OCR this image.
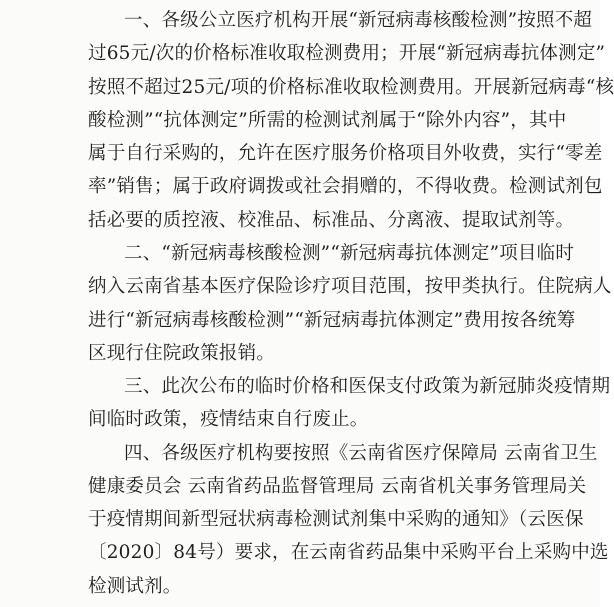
一、各级公立医疗机构开展“新冠病毒核酸检测”按照不超
过65元/次的价格标准收取检测费用；开展“新冠病毒抗体测定”
按照不超过25元/项的价格标准收取检测费用。开展新冠病毒“核
酸检测”“抗体测定”所需的检测试剂属于“除外内容”，其中
属于自行采购的，允许在医疗服务价格项目外收费，实行“零差
率”销售；属于政府调拨或社会捐赠的，不得收费。检测试剂包
括必要的质控液、校准品、标准品、分离液、提取试剂等。
二、“新冠病毒核酸检测”“新冠病毒抗体测定”项目临时
纳入云南省基本医疗保险诊疗项目范围，按甲类执行。住院病人
进行“新冠病毒核酸检测”“新冠病毒抗体测定”费用按各统筹
区现行住院政策报销。
三、此次公布的临时价格和医保支付政策为新冠肺炎疫情期
间临时政策，疫情结束自行废止。
四、各级医疗机构要按照《云南省医疗保障局 云南省卫生
健康委员会 云南省药品监督管理局 云南省机关事务管理局关
于疫情期间新型冠状病毒检测试剂集中采购的通知》（云医保
〔2020〕84号）要求，在云南省药品集中采购平台上采购中选
检测试剂。
